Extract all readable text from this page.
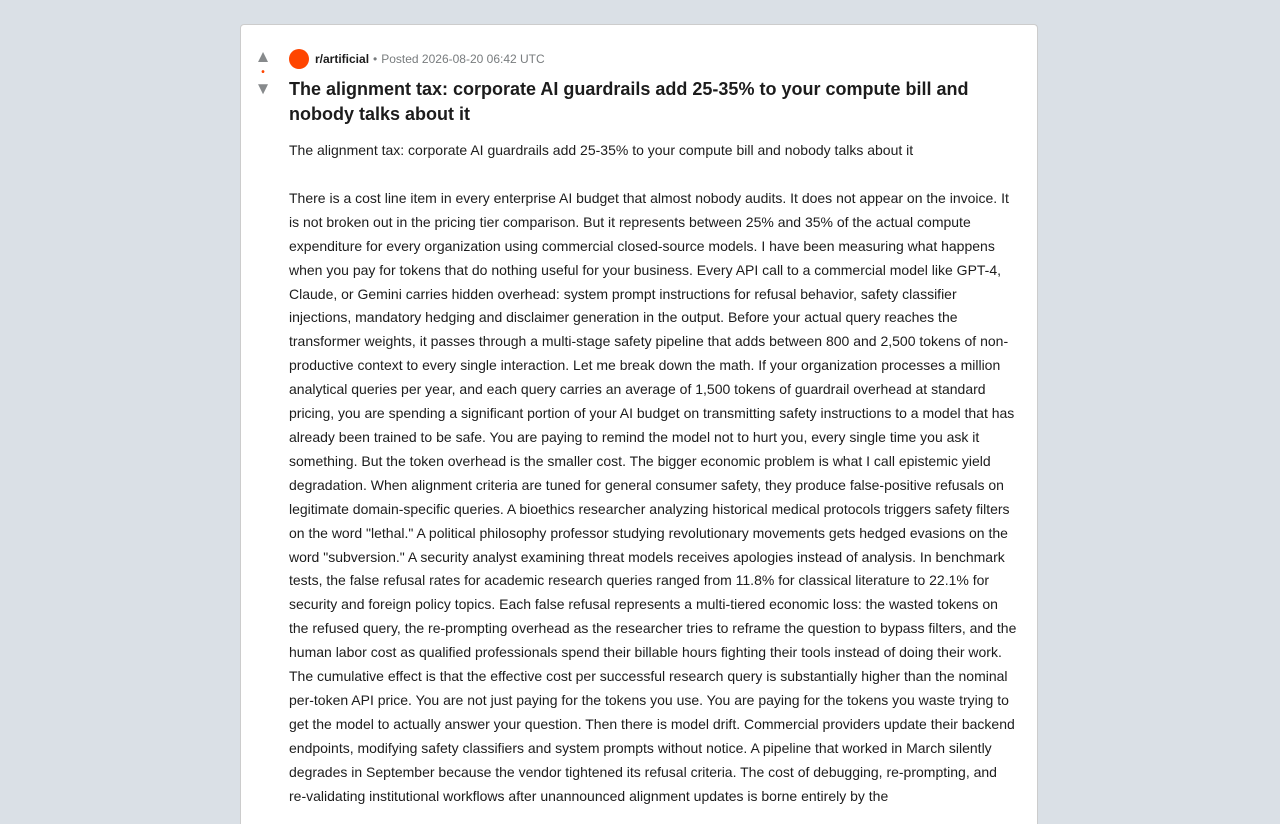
▲
•
▼
r/artificial • Posted 2026-08-20 06:42 UTC
The alignment tax: corporate AI guardrails add 25-35% to your compute bill and nobody talks about it

The alignment tax: corporate AI guardrails add 25-35% to your compute bill and nobody talks about it

There is a cost line item in every enterprise AI budget that almost nobody audits. It does not appear on the invoice. It is not broken out in the pricing tier comparison. But it represents between 25% and 35% of the actual compute expenditure for every organization using commercial closed-source models. I have been measuring what happens when you pay for tokens that do nothing useful for your business. Every API call to a commercial model like GPT-4, Claude, or Gemini carries hidden overhead: system prompt instructions for refusal behavior, safety classifier injections, mandatory hedging and disclaimer generation in the output. Before your actual query reaches the transformer weights, it passes through a multi-stage safety pipeline that adds between 800 and 2,500 tokens of non-productive context to every single interaction. Let me break down the math. If your organization processes a million analytical queries per year, and each query carries an average of 1,500 tokens of guardrail overhead at standard pricing, you are spending a significant portion of your AI budget on transmitting safety instructions to a model that has already been trained to be safe. You are paying to remind the model not to hurt you, every single time you ask it something. But the token overhead is the smaller cost. The bigger economic problem is what I call epistemic yield degradation. When alignment criteria are tuned for general consumer safety, they produce false-positive refusals on legitimate domain-specific queries. A bioethics researcher analyzing historical medical protocols triggers safety filters on the word "lethal." A political philosophy professor studying revolutionary movements gets hedged evasions on the word "subversion." A security analyst examining threat models receives apologies instead of analysis. In benchmark tests, the false refusal rates for academic research queries ranged from 11.8% for classical literature to 22.1% for security and foreign policy topics. Each false refusal represents a multi-tiered economic loss: the wasted tokens on the refused query, the re-prompting overhead as the researcher tries to reframe the question to bypass filters, and the human labor cost as qualified professionals spend their billable hours fighting their tools instead of doing their work. The cumulative effect is that the effective cost per successful research query is substantially higher than the nominal per-token API price. You are not just paying for the tokens you use. You are paying for the tokens you waste trying to get the model to actually answer your question. Then there is model drift. Commercial providers update their backend endpoints, modifying safety classifiers and system prompts without notice. A pipeline that worked in March silently degrades in September because the vendor tightened its refusal criteria. The cost of debugging, re-prompting, and re-validating institutional workflows after unannounced alignment updates is borne entirely by the
